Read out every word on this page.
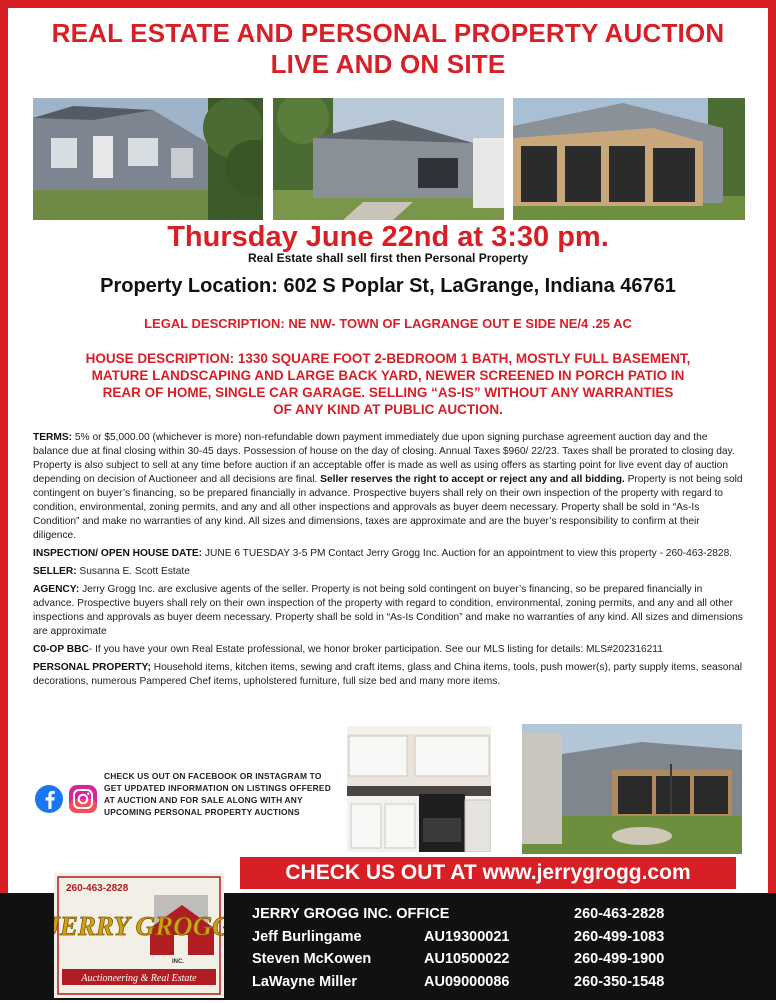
REAL ESTATE AND PERSONAL PROPERTY AUCTION
LIVE AND ON SITE
Thursday June 22nd at 3:30 pm.
Real Estate shall sell first then Personal Property
Property Location: 602 S Poplar St, LaGrange, Indiana 46761
LEGAL DESCRIPTION: NE NW- TOWN OF LAGRANGE OUT E SIDE NE/4 .25 AC
HOUSE DESCRIPTION: 1330 SQUARE FOOT 2-BEDROOM 1 BATH, MOSTLY FULL BASEMENT,
MATURE LANDSCAPING AND LARGE BACK YARD, NEWER SCREENED IN PORCH PATIO IN
REAR OF HOME, SINGLE CAR GARAGE. SELLING “AS-IS” WITHOUT ANY WARRANTIES
OF ANY KIND AT PUBLIC AUCTION.

TERMS: 5% or $5,000.00 (whichever is more) non-refundable down payment immediately due upon signing purchase agreement auction day and the balance due at final closing within 30-45 days. Possession of house on the day of closing. Annual Taxes $960/ 22/23. Taxes shall be prorated to closing day. Property is also subject to sell at any time before auction if an acceptable offer is made as well as using offers as starting point for live event day of auction depending on decision of Auctioneer and all decisions are final. Seller reserves the right to accept or reject any and all bidding. Property is not being sold contingent on buyer’s financing, so be prepared financially in advance. Prospective buyers shall rely on their own inspection of the property with regard to condition, environmental, zoning permits, and any and all other inspections and approvals as buyer deem necessary. Property shall be sold in “As-Is Condition” and make no warranties of any kind. All sizes and dimensions, taxes are approximate and are the buyer’s responsibility to confirm at their diligence.

INSPECTION/ OPEN HOUSE DATE: JUNE 6 TUESDAY 3-5 PM Contact Jerry Grogg Inc. Auction for an appointment to view this property - 260-463-2828.

SELLER: Susanna E. Scott Estate

AGENCY: Jerry Grogg Inc. are exclusive agents of the seller. Property is not being sold contingent on buyer’s financing, so be prepared financially in advance. Prospective buyers shall rely on their own inspection of the property with regard to condition, environmental, zoning permits, and any and all other inspections and approvals as buyer deem necessary. Property shall be sold in “As-Is Condition” and make no warranties of any kind. All sizes and dimensions are approximate

C0-OP BBC- If you have your own Real Estate professional, we honor broker participation. See our MLS listing for details: MLS#202316211

PERSONAL PROPERTY; Household items, kitchen items, sewing and craft items, glass and China items, tools, push mower(s), party supply items, seasonal decorations, numerous Pampered Chef items, upholstered furniture, full size bed and many more items.

CHECK US OUT ON FACEBOOK OR INSTAGRAM TO GET UPDATED INFORMATION ON LISTINGS OFFERED AT AUCTION AND FOR SALE ALONG WITH ANY UPCOMING PERSONAL PROPERTY AUCTIONS
CHECK US OUT AT www.jerrygrogg.com
260-463-2828
JERRY GROGG
INC.
Auctioneering & Real Estate
JERRY GROGG INC. OFFICE	260-463-2828
Jeff Burlingame	AU19300021	260-499-1083
Steven McKowen	AU10500022	260-499-1900
LaWayne Miller	AU09000086	260-350-1548
